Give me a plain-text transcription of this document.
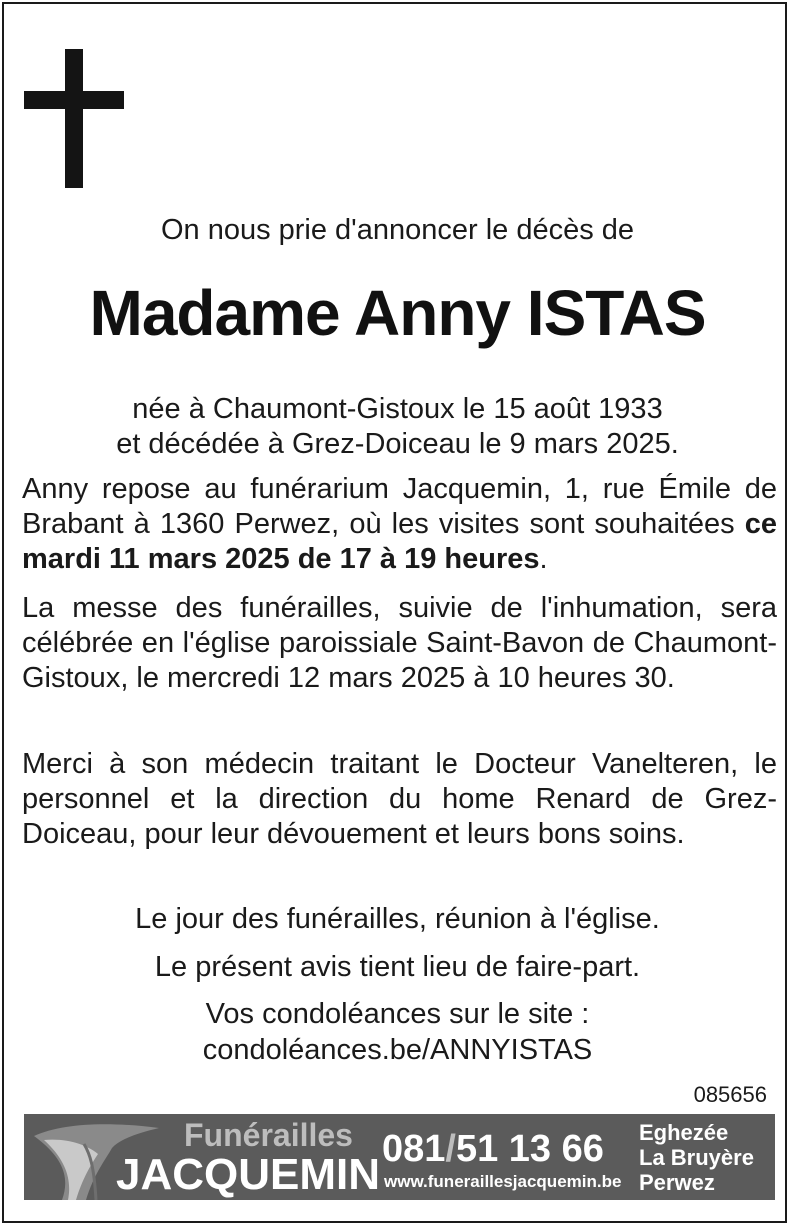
On nous prie d'annoncer le décès de
Madame Anny ISTAS
née à Chaumont-Gistoux le 15 août 1933
et décédée à Grez-Doiceau le 9 mars 2025.

Anny repose au funérarium Jacquemin, 1, rue Émile de Brabant à 1360 Perwez, où les visites sont souhaitées ce mardi 11 mars 2025 de 17 à 19 heures.

La messe des funérailles, suivie de l'inhumation, sera célébrée en l'église paroissiale Saint-Bavon de Chaumont-Gistoux, le mercredi 12 mars 2025 à 10 heures 30.

Merci à son médecin traitant le Docteur Vanelteren, le personnel et la direction du home Renard de Grez-Doiceau, pour leur dévouement et leurs bons soins.

Le jour des funérailles, réunion à l'église.
Le présent avis tient lieu de faire-part.
Vos condoléances sur le site :
condoléances.be/ANNYISTAS
085656
Funérailles
JACQUEMIN
081/51 13 66
www.funeraillesjacquemin.be
Eghezée
La Bruyère
Perwez
